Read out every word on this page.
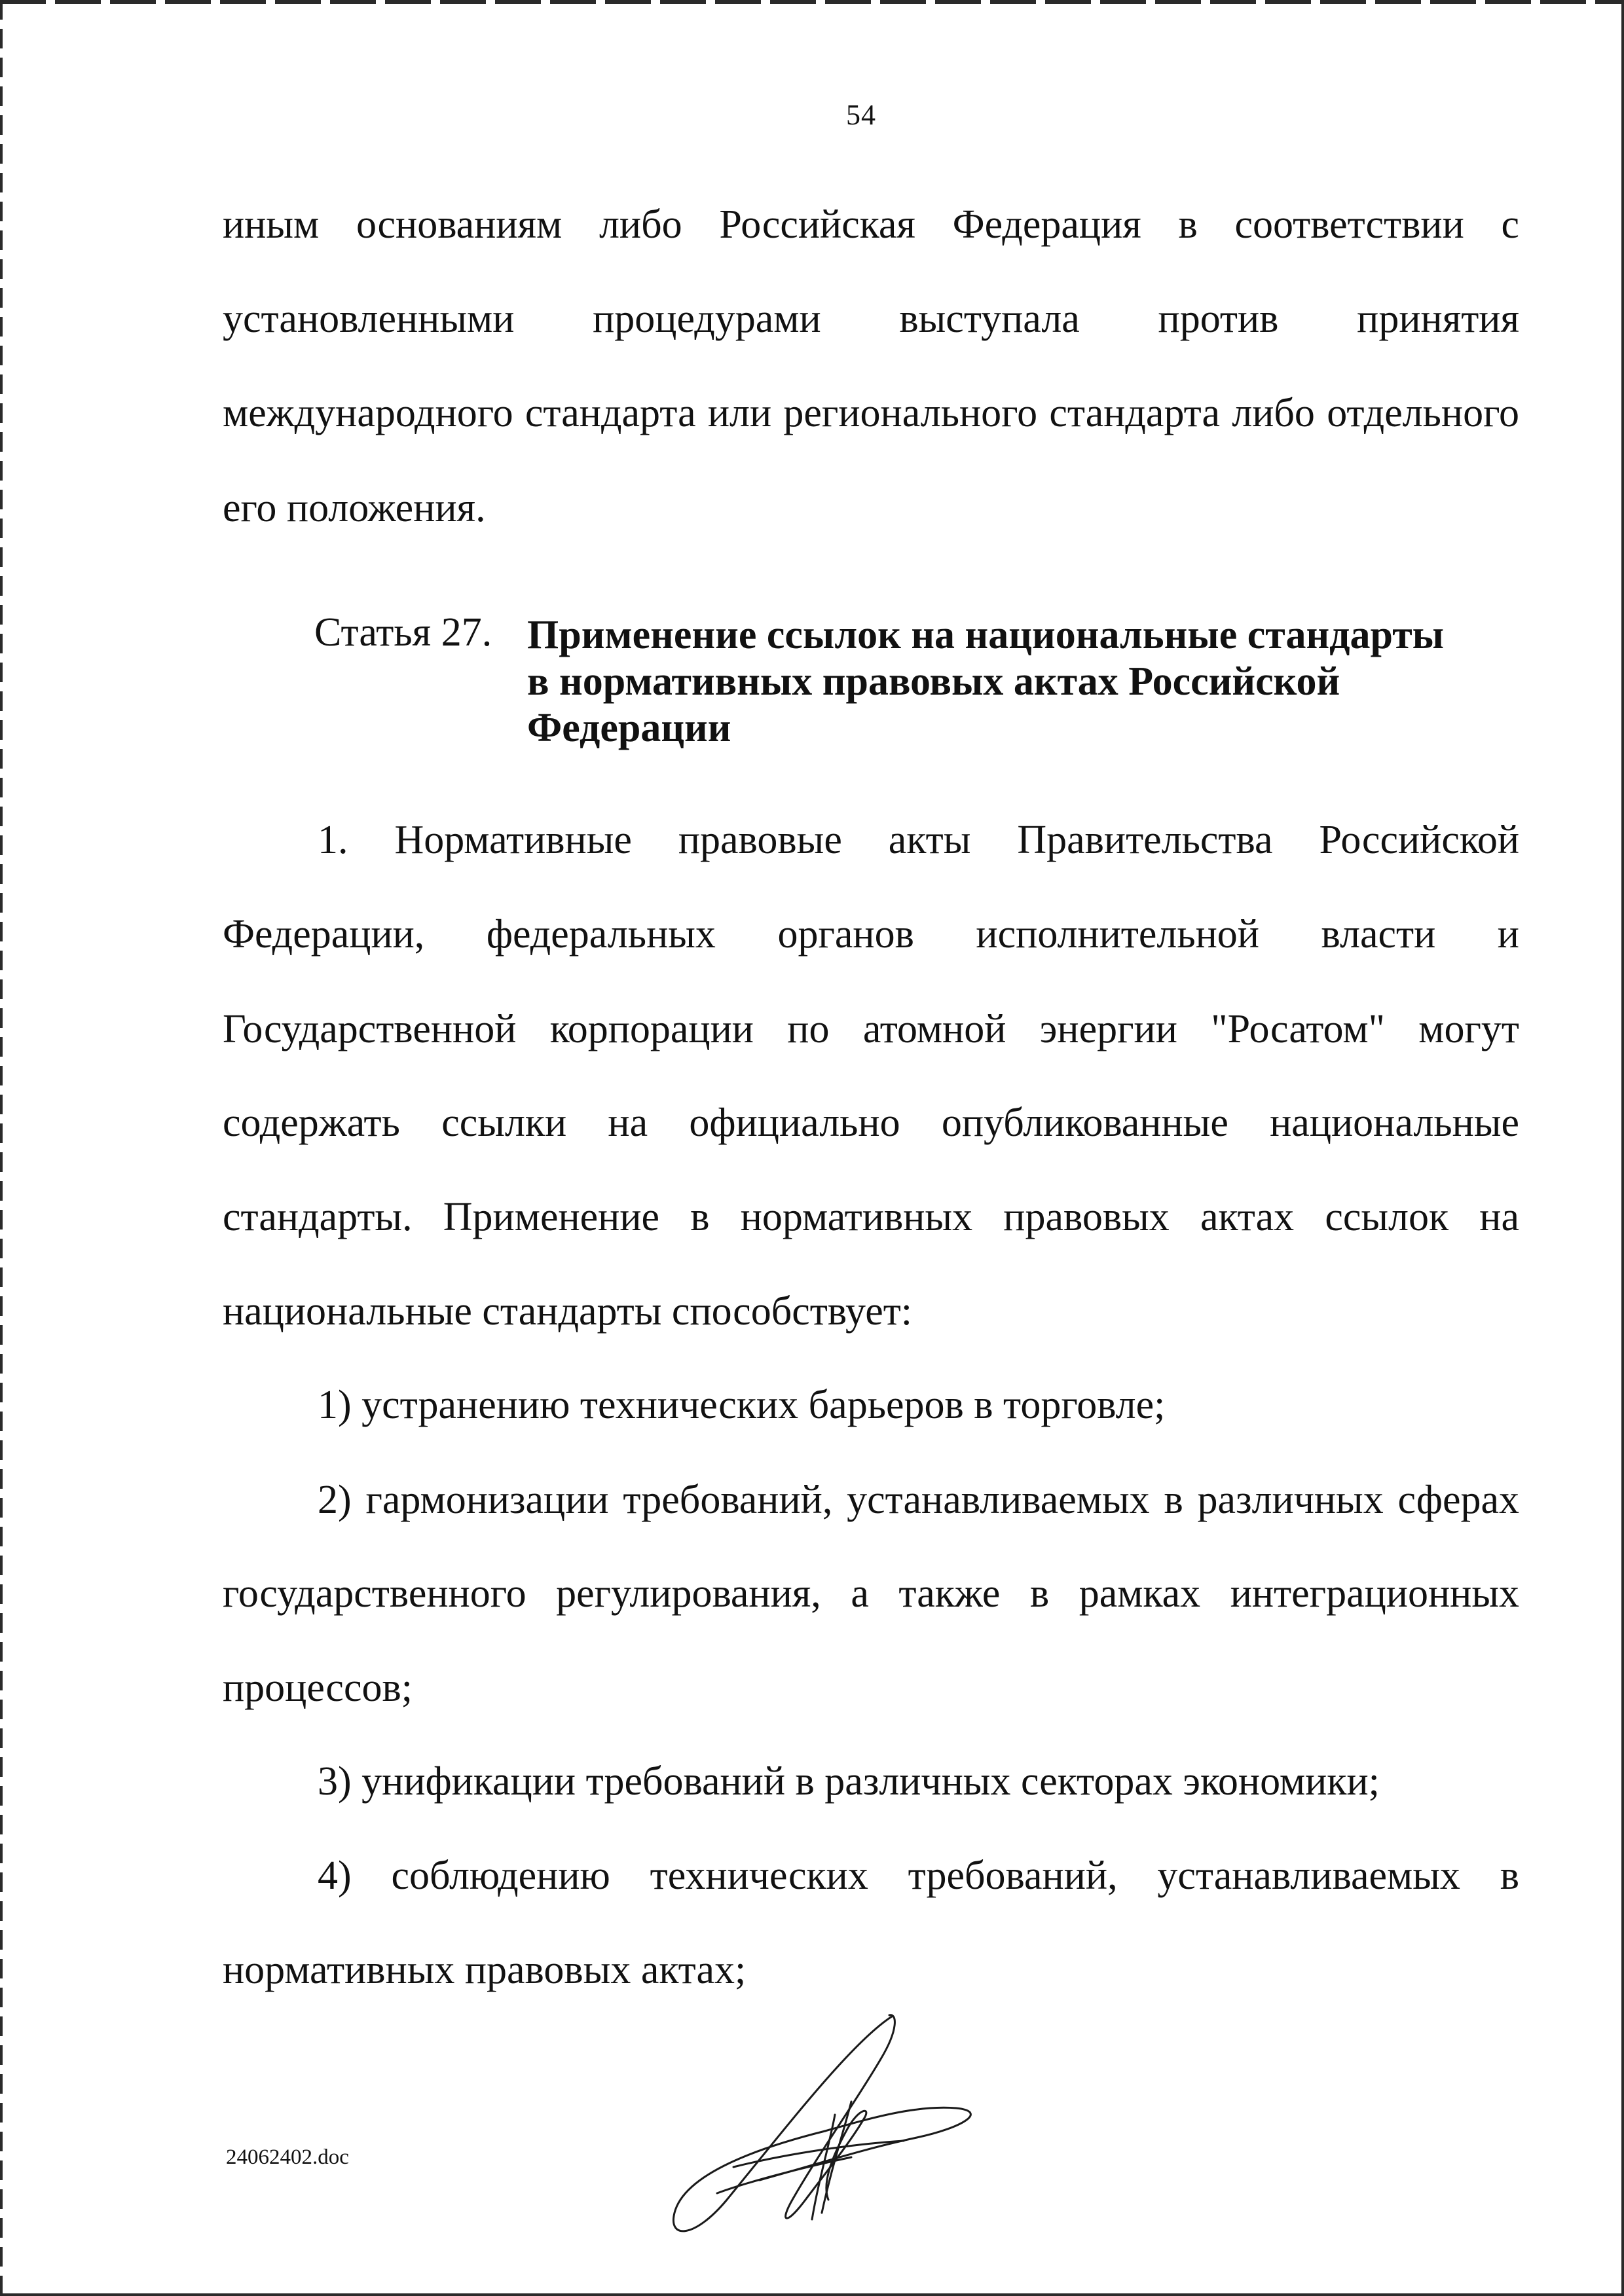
54
иным основаниям либо Российская Федерация в соответствии с
установленными процедурами выступала против принятия
международного стандарта или регионального стандарта либо отдельного
его положения.
Статья 27. Применение ссылок на национальные стандарты
в нормативных правовых актах Российской
Федерации
1. Нормативные правовые акты Правительства Российской
Федерации, федеральных органов исполнительной власти и
Государственной корпорации по атомной энергии "Росатом" могут
содержать ссылки на официально опубликованные национальные
стандарты. Применение в нормативных правовых актах ссылок на
национальные стандарты способствует:
1) устранению технических барьеров в торговле;
2) гармонизации требований, устанавливаемых в различных сферах
государственного регулирования, а также в рамках интеграционных
процессов;
3) унификации требований в различных секторах экономики;
4) соблюдению технических требований, устанавливаемых в
нормативных правовых актах;
24062402.doc
